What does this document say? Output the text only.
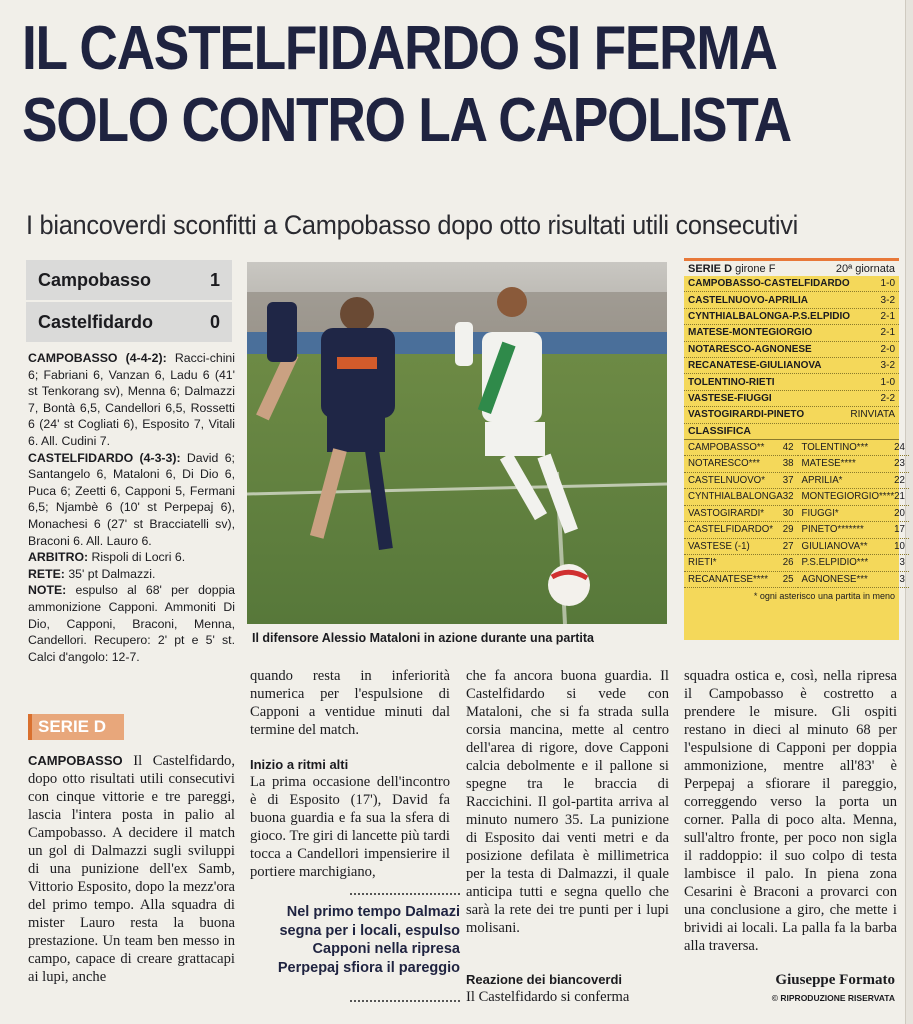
IL CASTELFIDARDO SI FERMA
SOLO CONTRO LA CAPOLISTA
I biancoverdi sconfitti a Campobasso dopo otto risultati utili consecutivi
Campobasso	1
Castelfidardo	0

CAMPOBASSO (4-4-2): Racci-chini 6; Fabriani 6, Vanzan 6, Ladu 6 (41' st Tenkorang sv), Menna 6; Dalmazzi 7, Bontà 6,5, Candellori 6,5, Rossetti 6 (24' st Cogliati 6), Esposito 7, Vitali 6. All. Cudini 7.

CASTELFIDARDO (4-3-3): David 6; Santangelo 6, Mataloni 6, Di Dio 6, Puca 6; Zeetti 6, Capponi 5, Fermani 6,5; Njambè 6 (10' st Perpepaj 6), Monachesi 6 (27' st Bracciatelli sv), Braconi 6. All. Lauro 6.

ARBITRO: Rispoli di Locri 6.

RETE: 35' pt Dalmazzi.

NOTE: espulso al 68' per doppia ammonizione Capponi. Ammoniti Di Dio, Capponi, Braconi, Menna, Candellori. Recupero: 2' pt e 5' st. Calci d'angolo: 12-7.

SERIE D
CAMPOBASSO Il Castelfidardo, dopo otto risultati utili consecutivi con cinque vittorie e tre pareggi, lascia l'intera posta in palio al Campobasso. A decidere il match un gol di Dalmazzi sugli sviluppi di una punizione dell'ex Samb, Vittorio Esposito, dopo la mezz'ora del primo tempo. Alla squadra di mister Lauro resta la buona prestazione. Un team ben messo in campo, capace di creare grattacapi ai lupi, anche
Il difensore Alessio Mataloni in azione durante una partita
quando resta in inferiorità numerica per l'espulsione di Capponi a ventidue minuti dal termine del match.
Inizio a ritmi alti
La prima occasione dell'incontro è di Esposito (17'), David fa buona guardia e fa sua la sfera di gioco. Tre giri di lancette più tardi tocca a Candellori impensierire il portiere marchigiano,
Nel primo tempo Dalmazi segna per i locali, espulso Capponi nella ripresa Perpepaj sfiora il pareggio
che fa ancora buona guardia. Il Castelfidardo si vede con Mataloni, che si fa strada sulla corsia mancina, mette al centro dell'area di rigore, dove Capponi calcia debolmente e il pallone si spegne tra le braccia di Raccichini. Il gol-partita arriva al minuto numero 35. La punizione di Esposito dai venti metri e da posizione defilata è millimetrica per la testa di Dalmazzi, il quale anticipa tutti e segna quello che sarà la rete dei tre punti per i lupi molisani.
Reazione dei biancoverdi
Il Castelfidardo si conferma
squadra ostica e, così, nella ripresa il Campobasso è costretto a prendere le misure. Gli ospiti restano in dieci al minuto 68 per l'espulsione di Capponi per doppia ammonizione, mentre all'83' è Perpepaj a sfiorare il pareggio, correggendo verso la porta un corner. Palla di poco alta. Menna, sull'altro fronte, per poco non sigla il raddoppio: il suo colpo di testa lambisce il palo. In piena zona Cesarini è Braconi a provarci con una conclusione a giro, che mette i brividi ai locali. La palla fa la barba alla traversa.
Giuseppe Formato
© RIPRODUZIONE RISERVATA
SERIE D girone F	20ª giornata
CAMPOBASSO-CASTELFIDARDO	1-0
CASTELNUOVO-APRILIA	3-2
CYNTHIALBALONGA-P.S.ELPIDIO	2-1
MATESE-MONTEGIORGIO	2-1
NOTARESCO-AGNONESE	2-0
RECANATESE-GIULIANOVA	3-2
TOLENTINO-RIETI	1-0
VASTESE-FIUGGI	2-2
VASTOGIRARDI-PINETO	RINVIATA
CLASSIFICA
CAMPOBASSO** 42 TOLENTINO***	24
NOTARESCO*** 38 MATESE****	23
CASTELNUOVO* 37 APRILIA*	22
CYNTHIALBALONGA 32 MONTEGIORGIO**** 21
VASTOGIRARDI* 30 FIUGGI*	20
CASTELFIDARDO* 29 PINETO*******	17
VASTESE (-1)	27 GIULIANOVA**	10
RIETI*	26 P.S.ELPIDIO***	3
RECANATESE**** 25 AGNONESE***	3
* ogni asterisco una partita in meno
